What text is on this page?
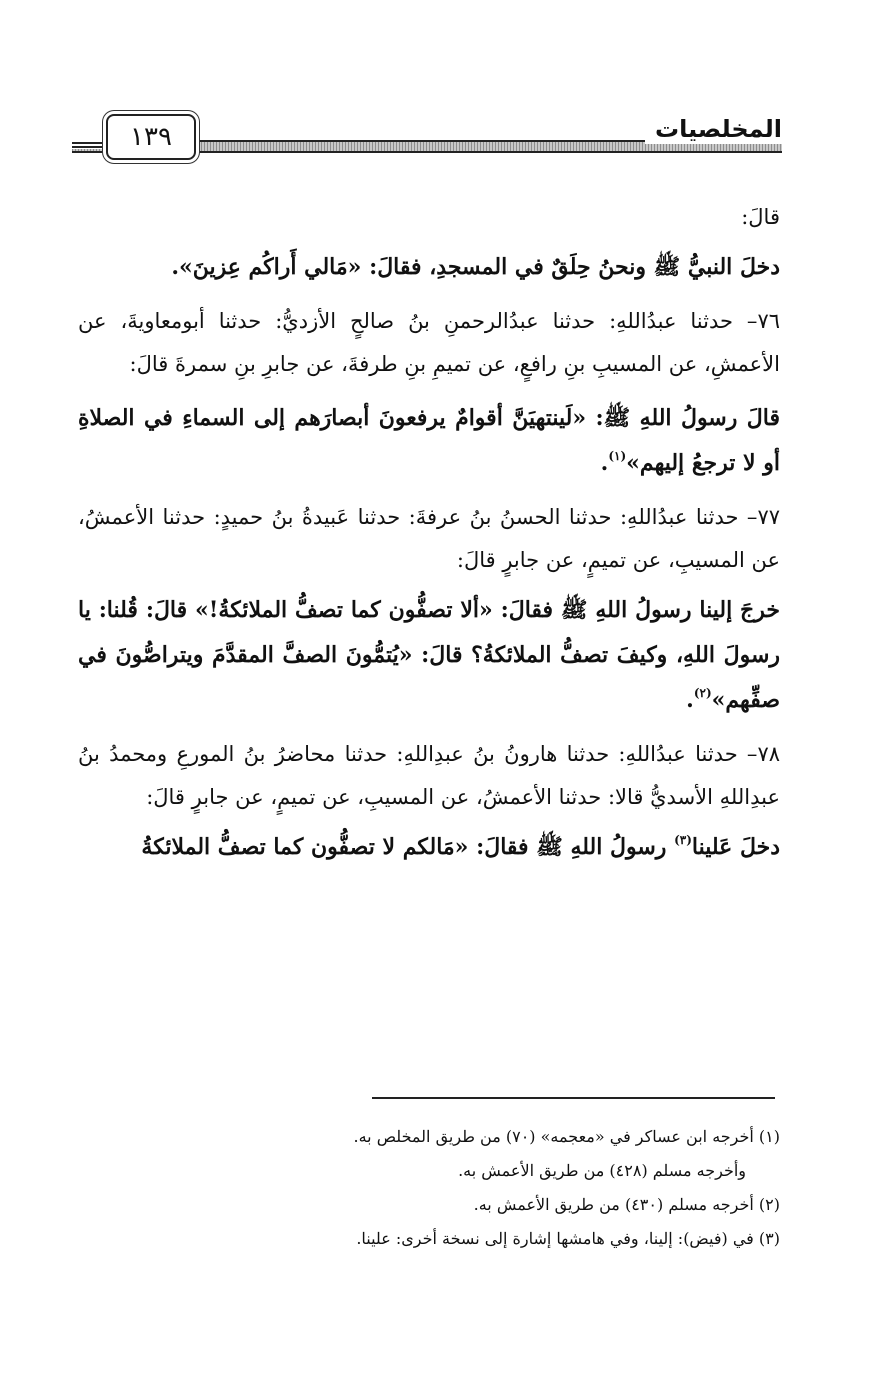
١٣٩	المخلصيات

قالَ:

دخلَ النبيُّ ﷺ ونحنُ حِلَقٌ في المسجدِ، فقالَ: «مَالي أَراكُم عِزينَ».

٧٦– حدثنا عبدُاللهِ: حدثنا عبدُالرحمنِ بنُ صالحٍ الأزديُّ: حدثنا أبومعاويةَ، عن الأعمشِ، عن المسيبِ بنِ رافعٍ، عن تميمِ بنِ طرفةَ، عن جابرِ بنِ سمرةَ قالَ:

قالَ رسولُ اللهِ ﷺ: «لَينتهيَنَّ أقوامٌ يرفعونَ أبصارَهم إلى السماءِ في الصلاةِ أو لا ترجعُ إليهم»$^{(١)}$.

٧٧– حدثنا عبدُاللهِ: حدثنا الحسنُ بنُ عرفةَ: حدثنا عَبيدةُ بنُ حميدٍ: حدثنا الأعمشُ، عن المسيبِ، عن تميمٍ، عن جابرٍ قالَ:

خرجَ إلينا رسولُ اللهِ ﷺ فقالَ: «ألا تصفُّون كما تصفُّ الملائكةُ!» قالَ: قُلنا: يا رسولَ اللهِ، وكيفَ تصفُّ الملائكةُ؟ قالَ: «يُتمُّونَ الصفَّ المقدَّمَ ويتراصُّونَ في صفِّهم»$^{(٢)}$.

٧٨– حدثنا عبدُاللهِ: حدثنا هارونُ بنُ عبدِاللهِ: حدثنا محاضرُ بنُ المورعِ ومحمدُ بنُ عبدِاللهِ الأسديُّ قالا: حدثنا الأعمشُ، عن المسيبِ، عن تميمٍ، عن جابرٍ قالَ:

دخلَ عَلينا$^{(٣)}$ رسولُ اللهِ ﷺ فقالَ: «مَالكم لا تصفُّون كما تصفُّ الملائكةُ

(١) أخرجه ابن عساكر في «معجمه» (٧٠) من طريق المخلص به.

وأخرجه مسلم (٤٢٨) من طريق الأعمش به.

(٢) أخرجه مسلم (٤٣٠) من طريق الأعمش به.

(٣) في (فيض): إلينا، وفي هامشها إشارة إلى نسخة أخرى: علينا.
